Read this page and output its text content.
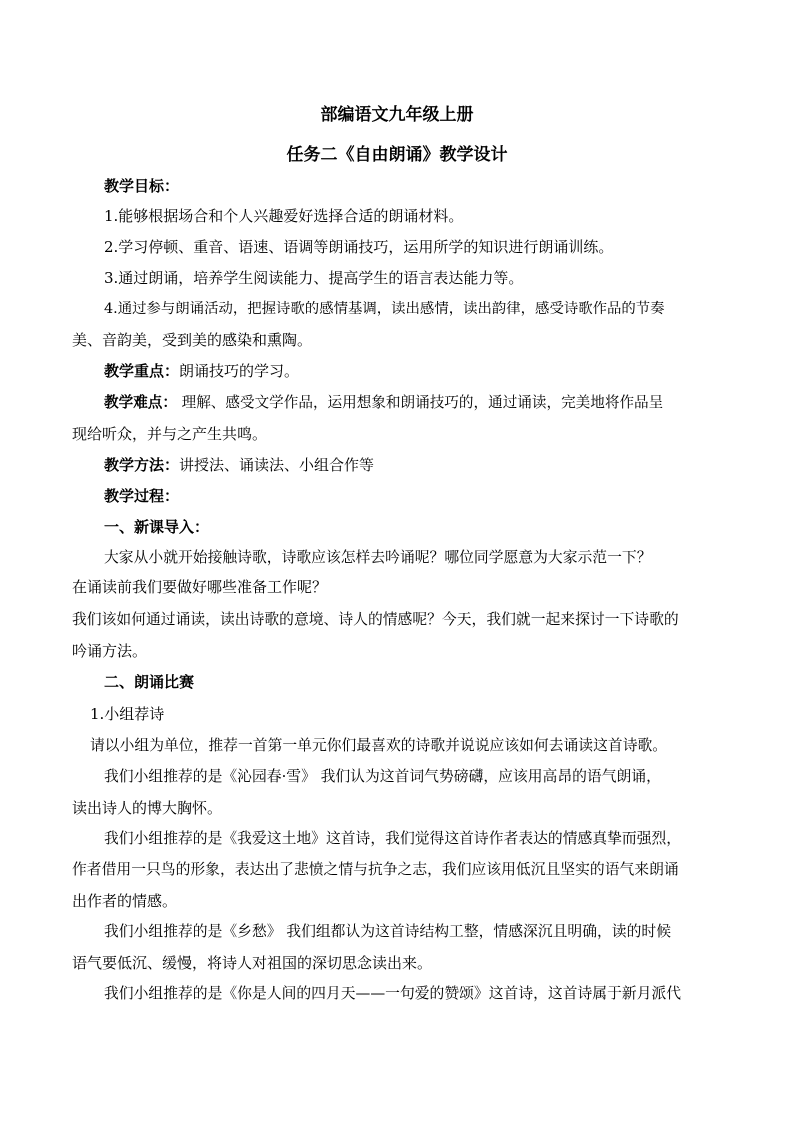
部编语文九年级上册
任务二《自由朗诵》教学设计
教学目标：
1.能够根据场合和个人兴趣爱好选择合适的朗诵材料。
2.学习停顿、重音、语速、语调等朗诵技巧，运用所学的知识进行朗诵训练。
3.通过朗诵，培养学生阅读能力、提高学生的语言表达能力等。
4.通过参与朗诵活动，把握诗歌的感情基调，读出感情，读出韵律，感受诗歌作品的节奏
美、音韵美，受到美的感染和熏陶。
教学重点：朗诵技巧的学习。
教学难点： 理解、感受文学作品，运用想象和朗诵技巧的，通过诵读，完美地将作品呈
现给听众，并与之产生共鸣。
教学方法：讲授法、诵读法、小组合作等
教学过程：
一、新课导入：
大家从小就开始接触诗歌，诗歌应该怎样去吟诵呢？哪位同学愿意为大家示范一下？
在诵读前我们要做好哪些准备工作呢？
我们该如何通过诵读，读出诗歌的意境、诗人的情感呢？今天，我们就一起来探讨一下诗歌的
吟诵方法。
二、朗诵比赛
1.小组荐诗
请以小组为单位，推荐一首第一单元你们最喜欢的诗歌并说说应该如何去诵读这首诗歌。
我们小组推荐的是《沁园春·雪》 我们认为这首词气势磅礴，应该用高昂的语气朗诵，
读出诗人的博大胸怀。
我们小组推荐的是《我爱这土地》这首诗，我们觉得这首诗作者表达的情感真挚而强烈，
作者借用一只鸟的形象，表达出了悲愤之情与抗争之志，我们应该用低沉且坚实的语气来朗诵
出作者的情感。
我们小组推荐的是《乡愁》 我们组都认为这首诗结构工整，情感深沉且明确，读的时候
语气要低沉、缓慢，将诗人对祖国的深切思念读出来。
我们小组推荐的是《你是人间的四月天——一句爱的赞颂》这首诗，这首诗属于新月派代
